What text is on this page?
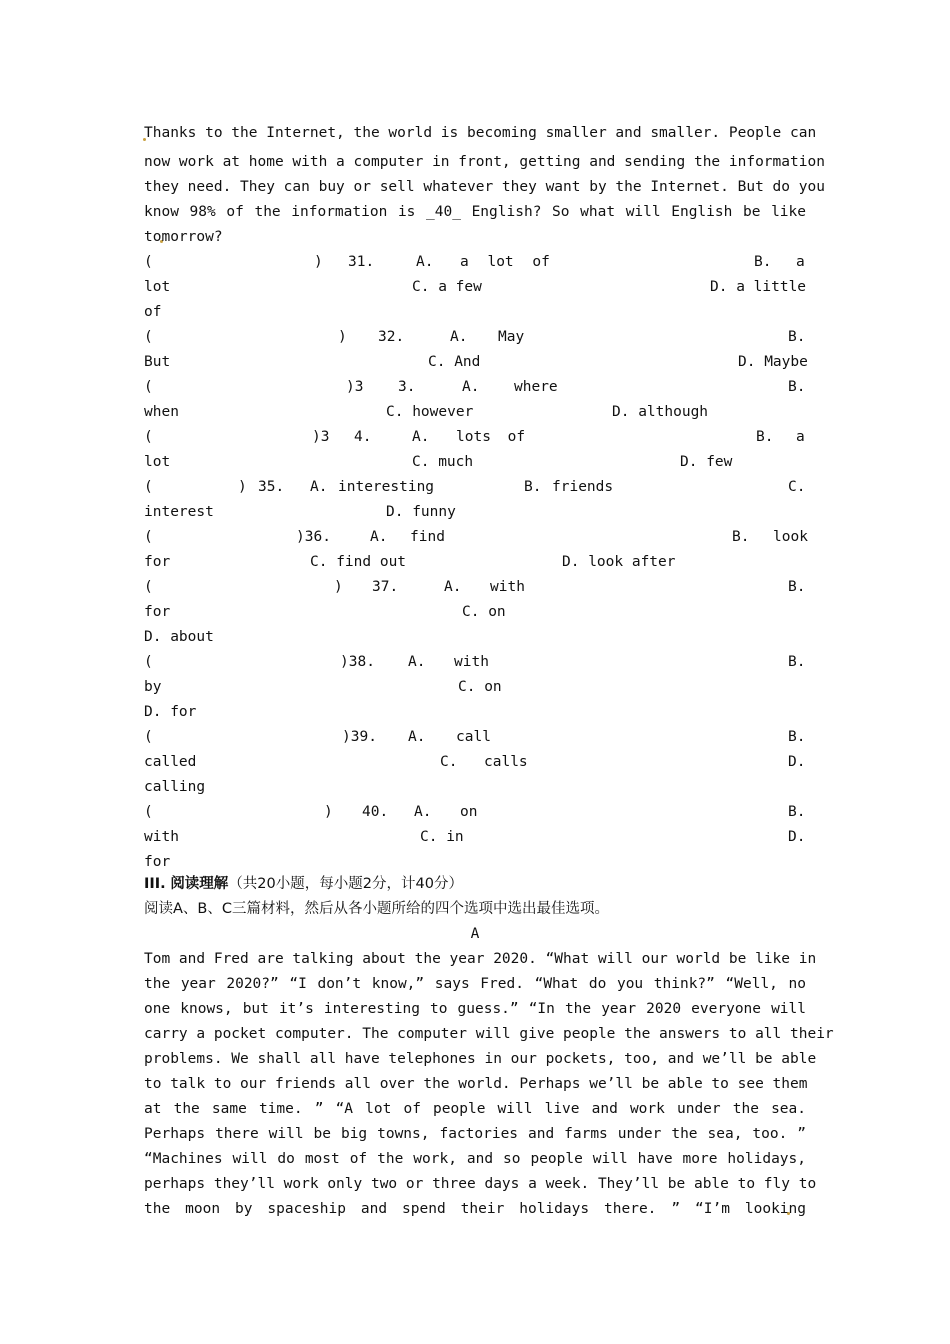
Thanks to the Internet, the world is becoming smaller and smaller. People can
now work at home with a computer in front, getting and sending the information
they need. They can buy or sell whatever they want by the Internet. But do you
know 98% of the information is _40_ English? So what will English be like
tomorrow?
(	) 31.	A. a lot of	B. a
lot	C. a few	D. a little
of
(	) 32.	A. May	B.
But	C. And	D. Maybe
(	)3 3.	A. where	B.
when	C. however	D. although
(	)3 4.	A. lots of	B. a
lot	C. much	D. few
(	) 35. A. interesting	B. friends	C.
interest	D. funny
(	)36.	A. find	B. look
for	C. find out	D. look after
(	) 37.	A. with	B.
for	C. on
D. about
(	)38. A. with	B.
by	C. on
D. for
(	)39. A. call	B.
called	C. calls	D.
calling
(	) 40. A. on	B.
with	C. in	D.
for
III. 阅读理解（共20小题，每小题2分，计40分）
阅读A、B、C三篇材料，然后从各小题所给的四个选项中选出最佳选项。
A
Tom and Fred are talking about the year 2020. “What will our world be like in
the year 2020?” “I don’t know,” says Fred. “What do you think?” “Well, no
one knows, but it’s interesting to guess.” “In the year 2020 everyone will
carry a pocket computer. The computer will give people the answers to all their
problems. We shall all have telephones in our pockets, too, and we’ll be able
to talk to our friends all over the world. Perhaps we’ll be able to see them
at the same time. ” “A lot of people will live and work under the sea.
Perhaps there will be big towns, factories and farms under the sea, too. ”
“Machines will do most of the work, and so people will have more holidays,
perhaps they’ll work only two or three days a week. They’ll be able to fly to
the moon by spaceship and spend their holidays there. ” “I’m looking
